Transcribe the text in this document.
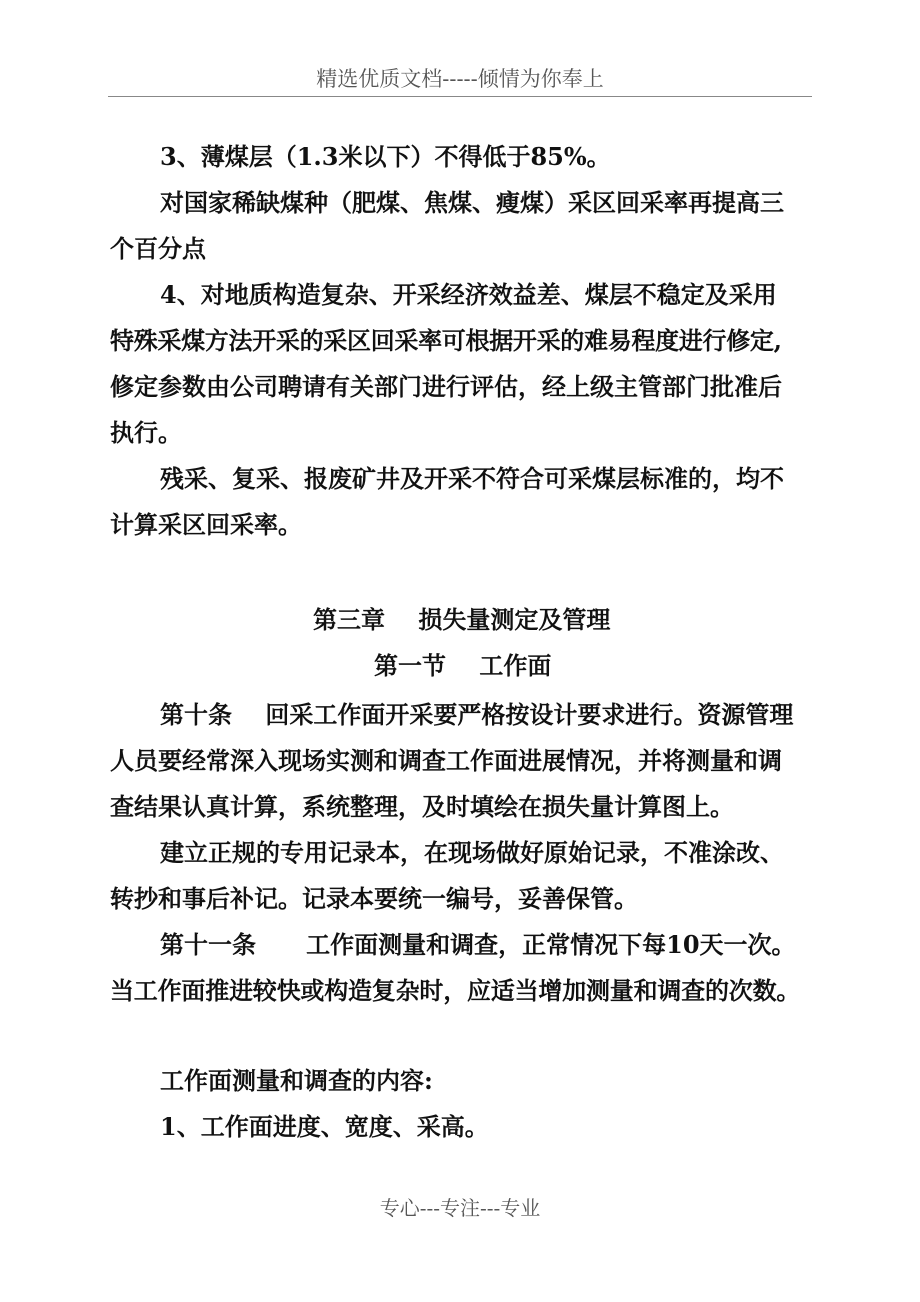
精选优质文档-----倾情为你奉上
3、薄煤层（1.3米以下）不得低于85%。
对国家稀缺煤种（肥煤、焦煤、瘦煤）采区回采率再提高三
个百分点
4、对地质构造复杂、开采经济效益差、煤层不稳定及采用
特殊采煤方法开采的采区回采率可根据开采的难易程度进行修定,
修定参数由公司聘请有关部门进行评估，经上级主管部门批准后
执行。
残采、复采、报废矿井及开采不符合可采煤层标准的，均不
计算采区回采率。
第三章    损失量测定及管理
第一节    工作面
第十条    回采工作面开采要严格按设计要求进行。资源管理
人员要经常深入现场实测和调查工作面进展情况，并将测量和调
查结果认真计算，系统整理，及时填绘在损失量计算图上。
建立正规的专用记录本，在现场做好原始记录，不准涂改、
转抄和事后补记。记录本要统一编号，妥善保管。
第十一条      工作面测量和调查，正常情况下每10天一次。
当工作面推进较快或构造复杂时，应适当增加测量和调查的次数。
工作面测量和调查的内容:
1、工作面进度、宽度、采高。
专心---专注---专业
